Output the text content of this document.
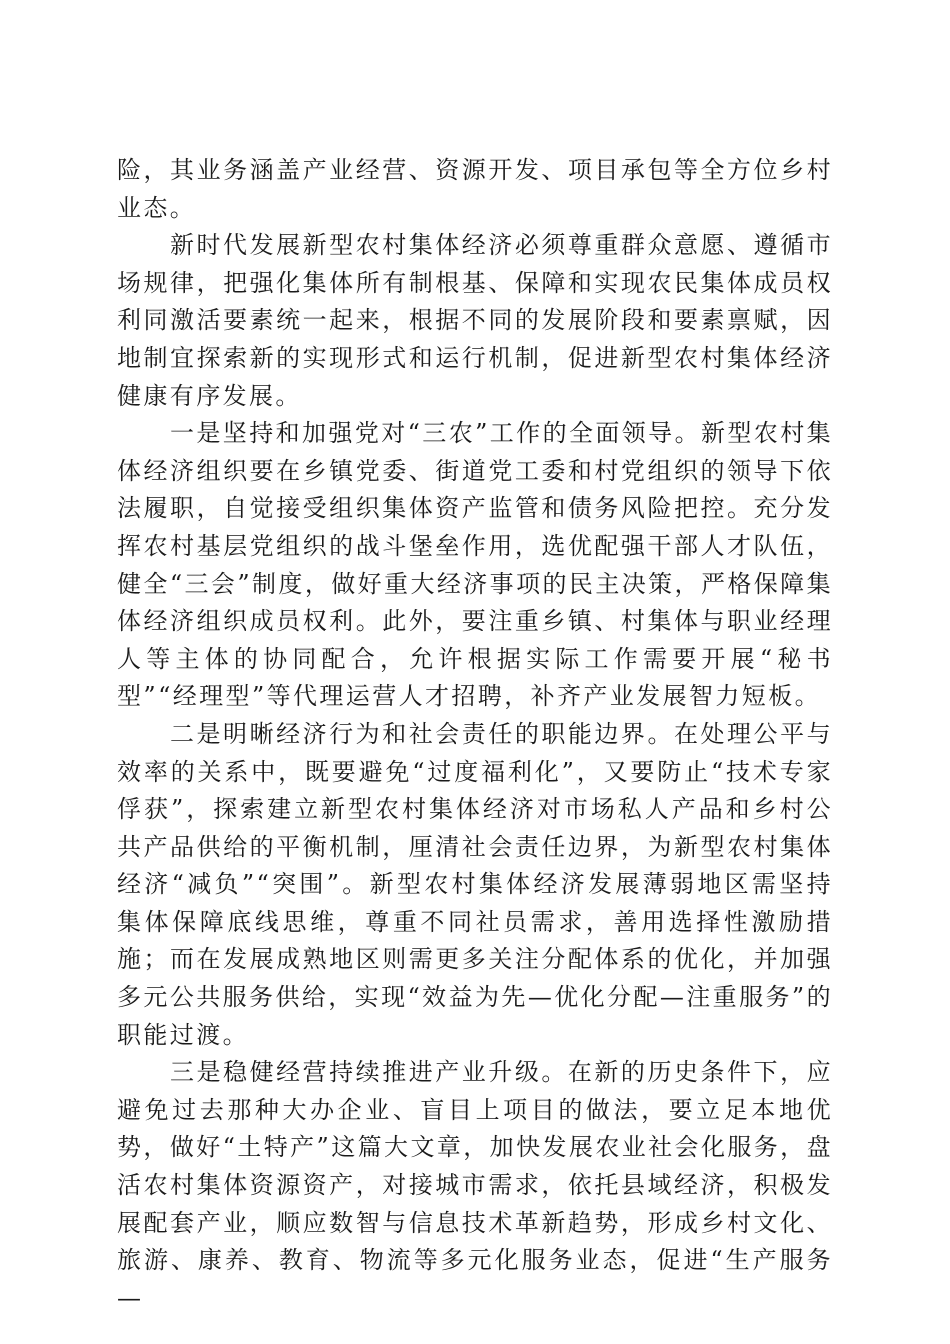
险，其业务涵盖产业经营、资源开发、项目承包等全方位乡村业态。

新时代发展新型农村集体经济必须尊重群众意愿、遵循市场规律，把强化集体所有制根基、保障和实现农民集体成员权利同激活要素统一起来，根据不同的发展阶段和要素禀赋，因地制宜探索新的实现形式和运行机制，促进新型农村集体经济健康有序发展。

一是坚持和加强党对“三农”工作的全面领导。新型农村集体经济组织要在乡镇党委、街道党工委和村党组织的领导下依法履职，自觉接受组织集体资产监管和债务风险把控。充分发挥农村基层党组织的战斗堡垒作用，选优配强干部人才队伍，健全“三会”制度，做好重大经济事项的民主决策，严格保障集体经济组织成员权利。此外，要注重乡镇、村集体与职业经理人等主体的协同配合，允许根据实际工作需要开展“秘书型”“经理型”等代理运营人才招聘，补齐产业发展智力短板。

二是明晰经济行为和社会责任的职能边界。在处理公平与效率的关系中，既要避免“过度福利化”，又要防止“技术专家俘获”，探索建立新型农村集体经济对市场私人产品和乡村公共产品供给的平衡机制，厘清社会责任边界，为新型农村集体经济“减负”“突围”。新型农村集体经济发展薄弱地区需坚持集体保障底线思维，尊重不同社员需求，善用选择性激励措施；而在发展成熟地区则需更多关注分配体系的优化，并加强多元公共服务供给，实现“效益为先—优化分配—注重服务”的职能过渡。

三是稳健经营持续推进产业升级。在新的历史条件下，应避免过去那种大办企业、盲目上项目的做法，要立足本地优势，做好“土特产”这篇大文章，加快发展农业社会化服务，盘活农村集体资源资产，对接城市需求，依托县域经济，积极发展配套产业，顺应数智与信息技术革新趋势，形成乡村文化、旅游、康养、教育、物流等多元化服务业态，促进“生产服务—
